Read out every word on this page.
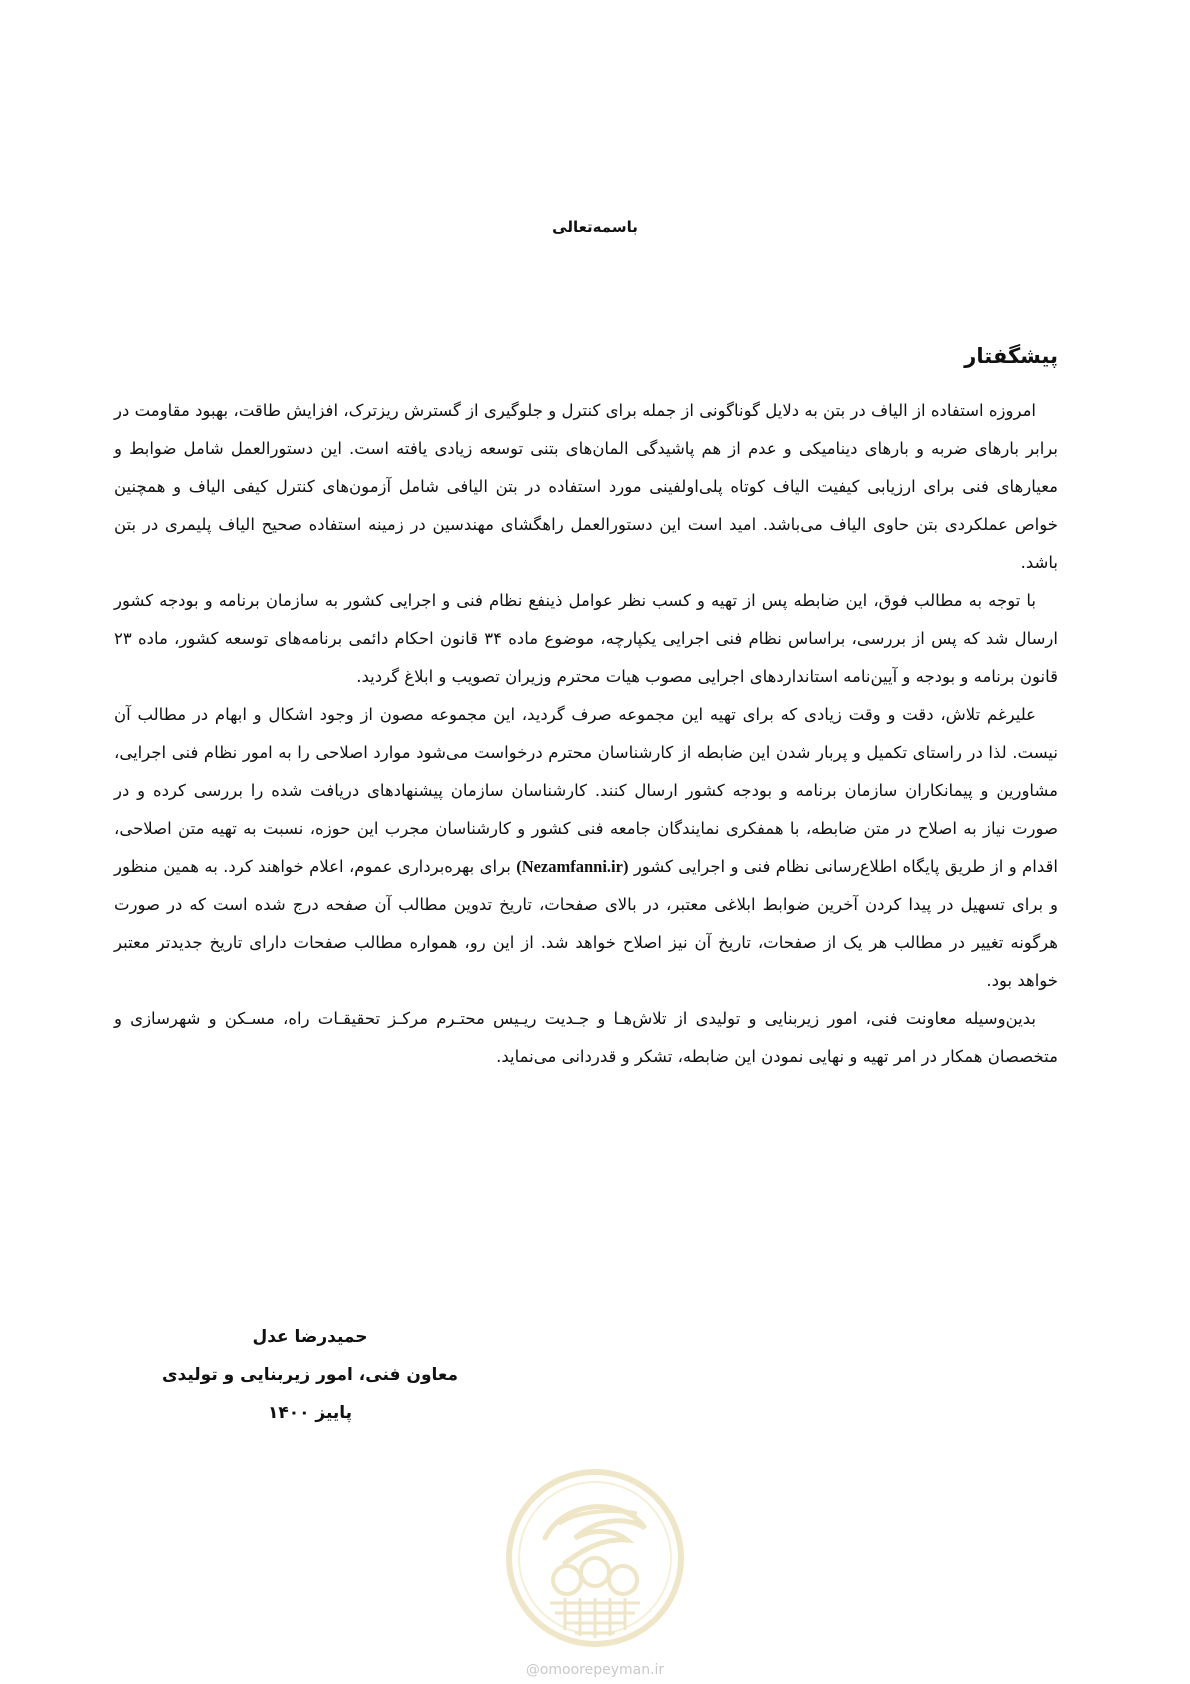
باسمه‌تعالی
پیشگفتار

امروزه استفاده از الیاف در بتن به دلایل گوناگونی از جمله برای کنترل و جلوگیری از گسترش ریزترک، افزایش طاقت، بهبود مقاومت در برابر بارهای ضربه و بارهای دینامیکی و عدم از هم پاشیدگی المان‌های بتنی توسعه زیادی یافته است. این دستورالعمل شامل ضوابط و معیارهای فنی برای ارزیابی کیفیت الیاف کوتاه پلی‌اولفینی مورد استفاده در بتن الیافی شامل آزمون‌های کنترل کیفی الیاف و همچنین خواص عملکردی بتن حاوی الیاف می‌باشد. امید است این دستورالعمل راهگشای مهندسین در زمینه استفاده صحیح الیاف پلیمری در بتن باشد.

با توجه به مطالب فوق، این ضابطه پس از تهیه و کسب نظر عوامل ذینفع نظام فنی و اجرایی کشور به سازمان برنامه و بودجه کشور ارسال شد که پس از بررسی، براساس نظام فنی اجرایی یکپارچه، موضوع ماده ۳۴ قانون احکام دائمی برنامه‌های توسعه کشور، ماده ۲۳ قانون برنامه و بودجه و آیین‌نامه استانداردهای اجرایی مصوب هیات محترم وزیران تصویب و ابلاغ گردید.

علیرغم تلاش، دقت و وقت زیادی که برای تهیه این مجموعه صرف گردید، این مجموعه مصون از وجود اشکال و ابهام در مطالب آن نیست. لذا در راستای تکمیل و پربار شدن این ضابطه از کارشناسان محترم درخواست می‌شود موارد اصلاحی را به امور نظام فنی اجرایی، مشاورین و پیمانکاران سازمان برنامه و بودجه کشور ارسال کنند. کارشناسان سازمان پیشنهادهای دریافت شده را بررسی کرده و در صورت نیاز به اصلاح در متن ضابطه، با همفکری نمایندگان جامعه فنی کشور و کارشناسان مجرب این حوزه، نسبت به تهیه متن اصلاحی، اقدام و از طریق پایگاه اطلاع‌رسانی نظام فنی و اجرایی کشور (Nezamfanni.ir) برای بهره‌برداری عموم، اعلام خواهند کرد. به همین منظور و برای تسهیل در پیدا کردن آخرین ضوابط ابلاغی معتبر، در بالای صفحات، تاریخ تدوین مطالب آن صفحه درج شده است که در صورت هرگونه تغییر در مطالب هر یک از صفحات، تاریخ آن نیز اصلاح خواهد شد. از این رو، همواره مطالب صفحات دارای تاریخ جدیدتر معتبر خواهد بود.

بدین‌وسیله معاونت فنی، امور زیربنایی و تولیدی از تلاش‌هـا و جـدیت ریـیس محتـرم مرکـز تحقیقـات راه، مسـکن و شهرسازی و متخصصان همکار در امر تهیه و نهایی نمودن این ضابطه، تشکر و قدردانی می‌نماید.

حمیدرضا عدل
معاون فنی، امور زیربنایی و تولیدی
پاییز ۱۴۰۰
@omoorepeyman.ir
